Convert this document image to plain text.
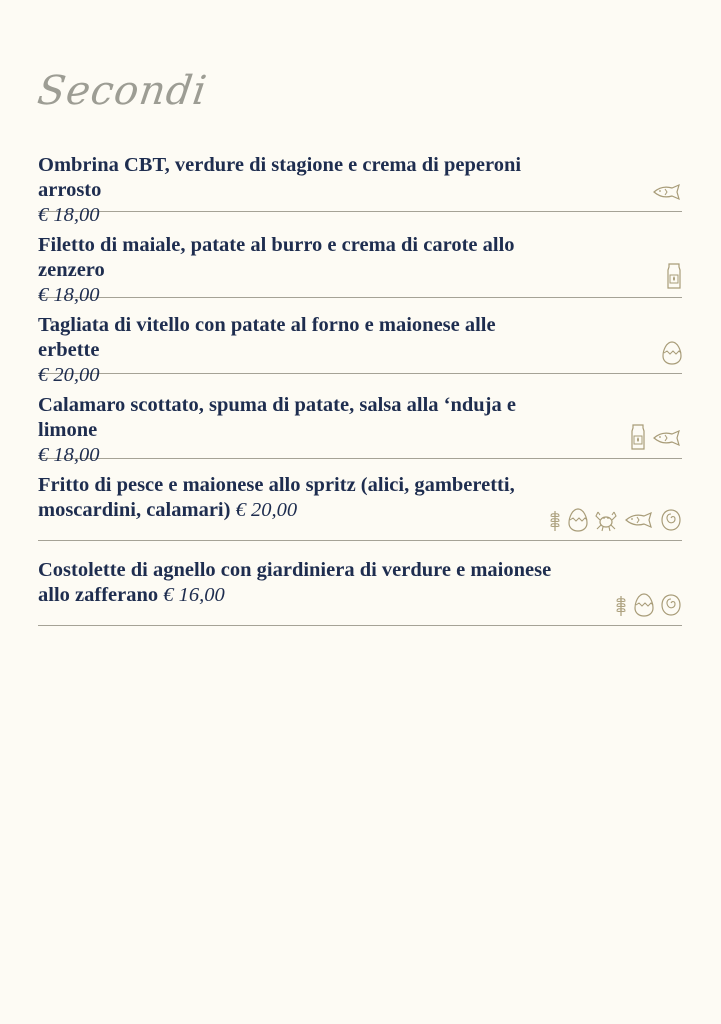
Secondi

Ombrina CBT, verdure di stagione e crema di peperoni arrosto

€ 18,00

Filetto di maiale, patate al burro e crema di carote allo zenzero

€ 18,00

Tagliata di vitello con patate al forno e maionese alle erbette

€ 20,00

Calamaro scottato, spuma di patate, salsa alla ‘nduja e limone

€ 18,00

Fritto di pesce e maionese allo spritz (alici, gamberetti,

moscardini, calamari) € 20,00

Costolette di agnello con giardiniera di verdure e maionese

allo zafferano € 16,00
